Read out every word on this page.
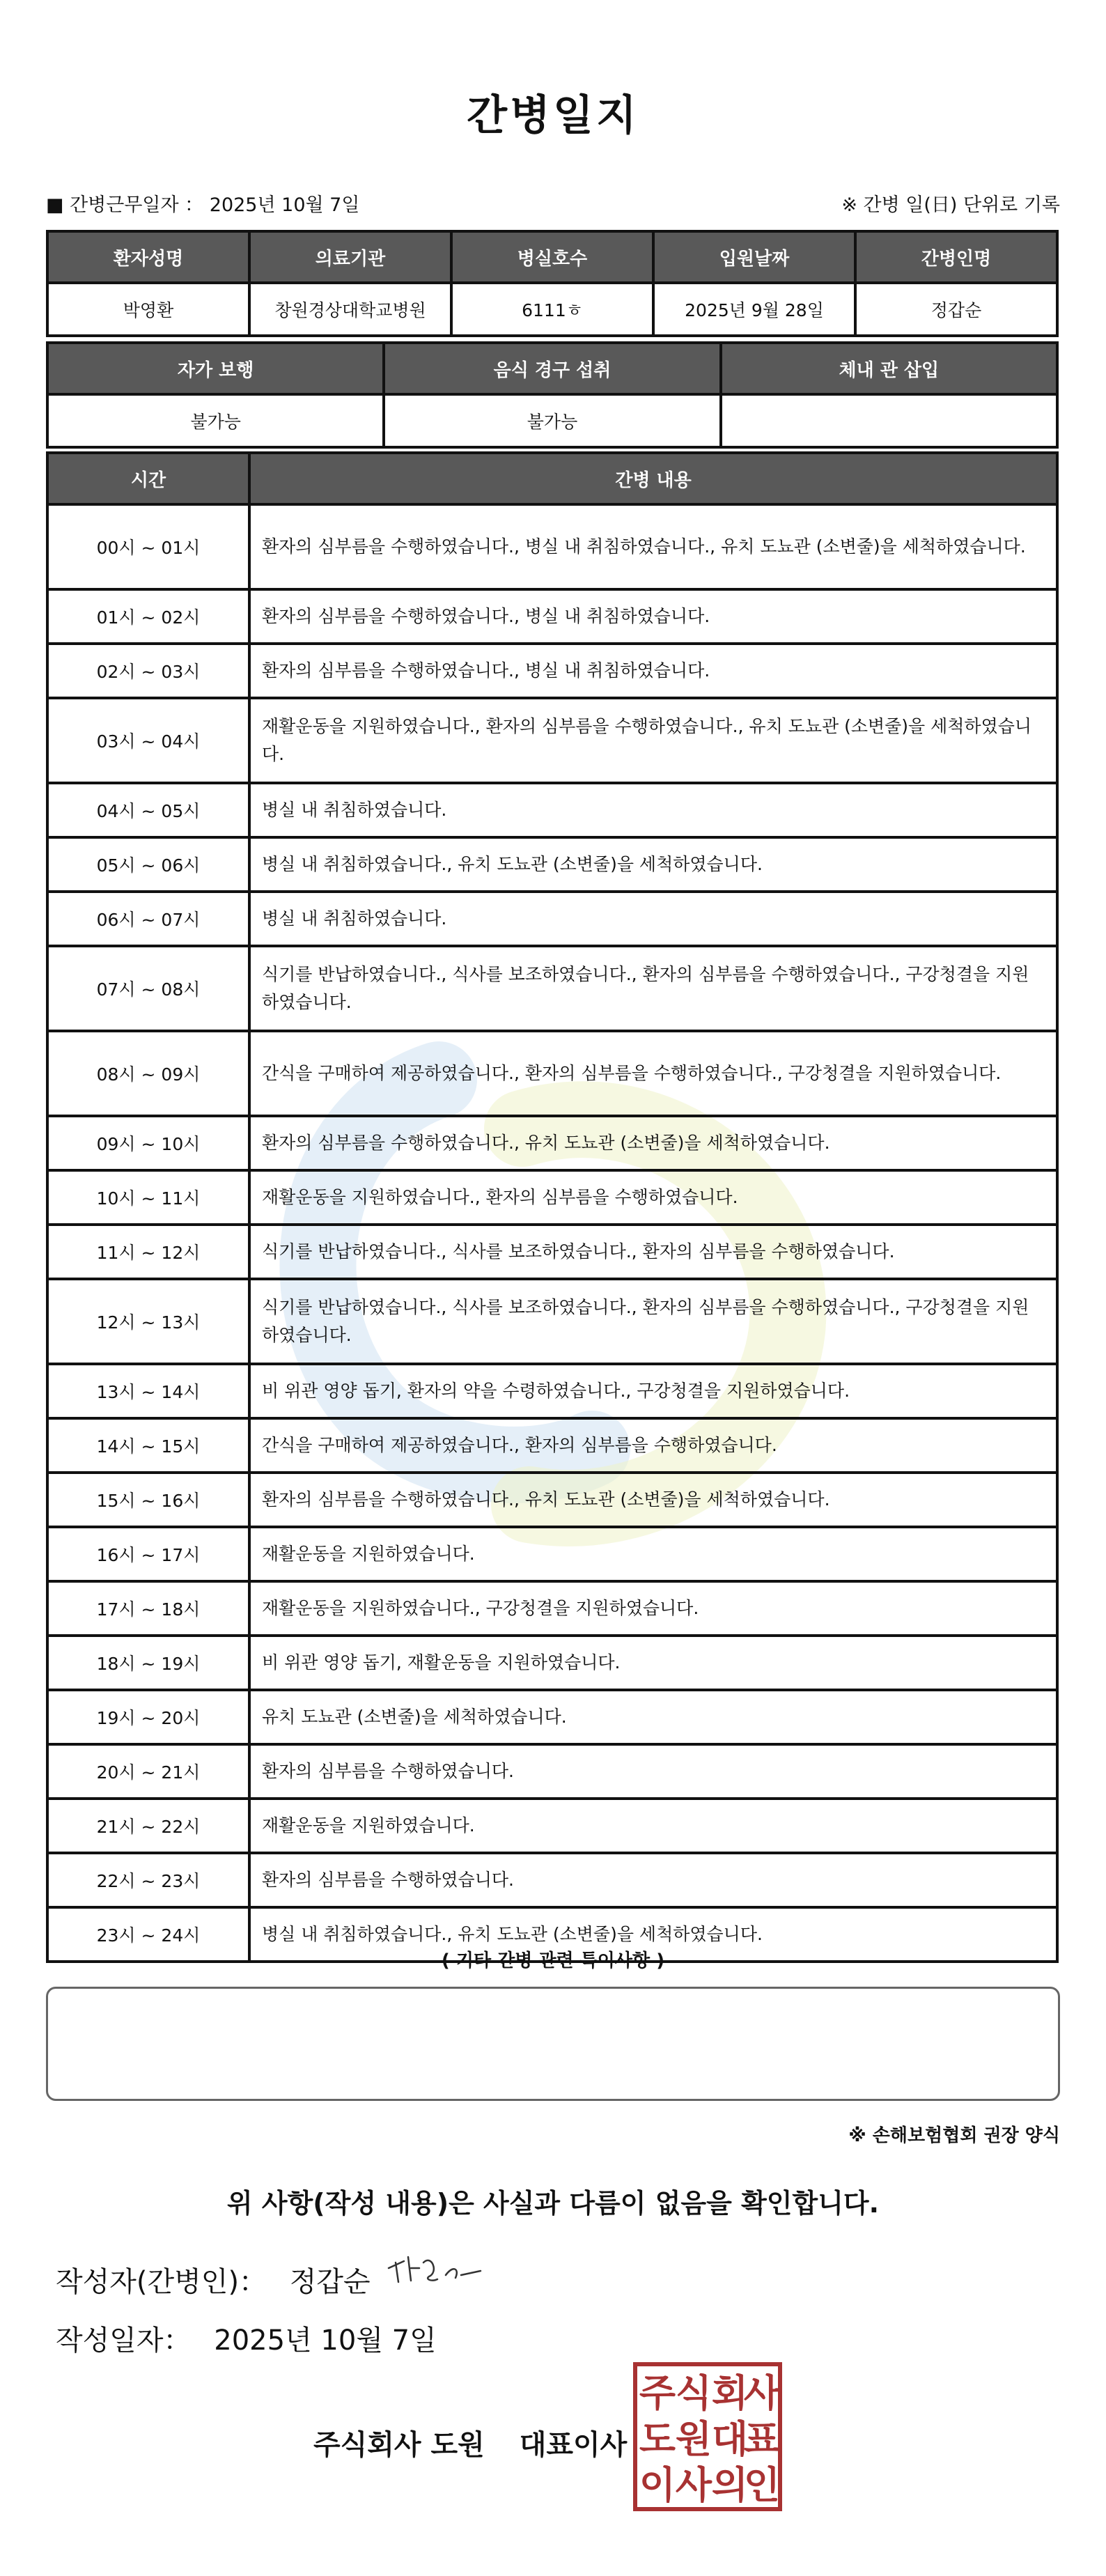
간병일지
■ 간병근무일자 ： 2025년 10월 7일	※ 간병 일(日) 단위로 기록
환자성명	의료기관	병실호수	입원날짜	간병인명
박영환	창원경상대학교병원	6111ㅎ	2025년 9월 28일	정갑순
자가 보행	음식 경구 섭취	체내 관 삽입
불가능	불가능	
시간	간병 내용
00시 ~ 01시	환자의 심부름을 수행하였습니다., 병실 내 취침하였습니다., 유치 도뇨관 (소변줄)을 세척하였습니다.
01시 ~ 02시	환자의 심부름을 수행하였습니다., 병실 내 취침하였습니다.
02시 ~ 03시	환자의 심부름을 수행하였습니다., 병실 내 취침하였습니다.
03시 ~ 04시	재활운동을 지원하였습니다., 환자의 심부름을 수행하였습니다., 유치 도뇨관 (소변줄)을 세척하였습니다.
04시 ~ 05시	병실 내 취침하였습니다.
05시 ~ 06시	병실 내 취침하였습니다., 유치 도뇨관 (소변줄)을 세척하였습니다.
06시 ~ 07시	병실 내 취침하였습니다.
07시 ~ 08시	식기를 반납하였습니다., 식사를 보조하였습니다., 환자의 심부름을 수행하였습니다., 구강청결을 지원하였습니다.
08시 ~ 09시	간식을 구매하여 제공하였습니다., 환자의 심부름을 수행하였습니다., 구강청결을 지원하였습니다.
09시 ~ 10시	환자의 심부름을 수행하였습니다., 유치 도뇨관 (소변줄)을 세척하였습니다.
10시 ~ 11시	재활운동을 지원하였습니다., 환자의 심부름을 수행하였습니다.
11시 ~ 12시	식기를 반납하였습니다., 식사를 보조하였습니다., 환자의 심부름을 수행하였습니다.
12시 ~ 13시	식기를 반납하였습니다., 식사를 보조하였습니다., 환자의 심부름을 수행하였습니다., 구강청결을 지원하였습니다.
13시 ~ 14시	비 위관 영양 돕기, 환자의 약을 수령하였습니다., 구강청결을 지원하였습니다.
14시 ~ 15시	간식을 구매하여 제공하였습니다., 환자의 심부름을 수행하였습니다.
15시 ~ 16시	환자의 심부름을 수행하였습니다., 유치 도뇨관 (소변줄)을 세척하였습니다.
16시 ~ 17시	재활운동을 지원하였습니다.
17시 ~ 18시	재활운동을 지원하였습니다., 구강청결을 지원하였습니다.
18시 ~ 19시	비 위관 영양 돕기, 재활운동을 지원하였습니다.
19시 ~ 20시	유치 도뇨관 (소변줄)을 세척하였습니다.
20시 ~ 21시	환자의 심부름을 수행하였습니다.
21시 ~ 22시	재활운동을 지원하였습니다.
22시 ~ 23시	환자의 심부름을 수행하였습니다.
23시 ~ 24시	병실 내 취침하였습니다., 유치 도뇨관 (소변줄)을 세척하였습니다.
( 기타 간병 관련 특이사항 )
※ 손해보험협회 권장 양식
위 사항(작성 내용)은 사실과 다름이 없음을 확인합니다.
작성자(간병인)： 정갑순
작성일자： 2025년 10월 7일
주식회사 도원 대표이사
주 식 회
사
도 원 대
표
이 사 의
인
